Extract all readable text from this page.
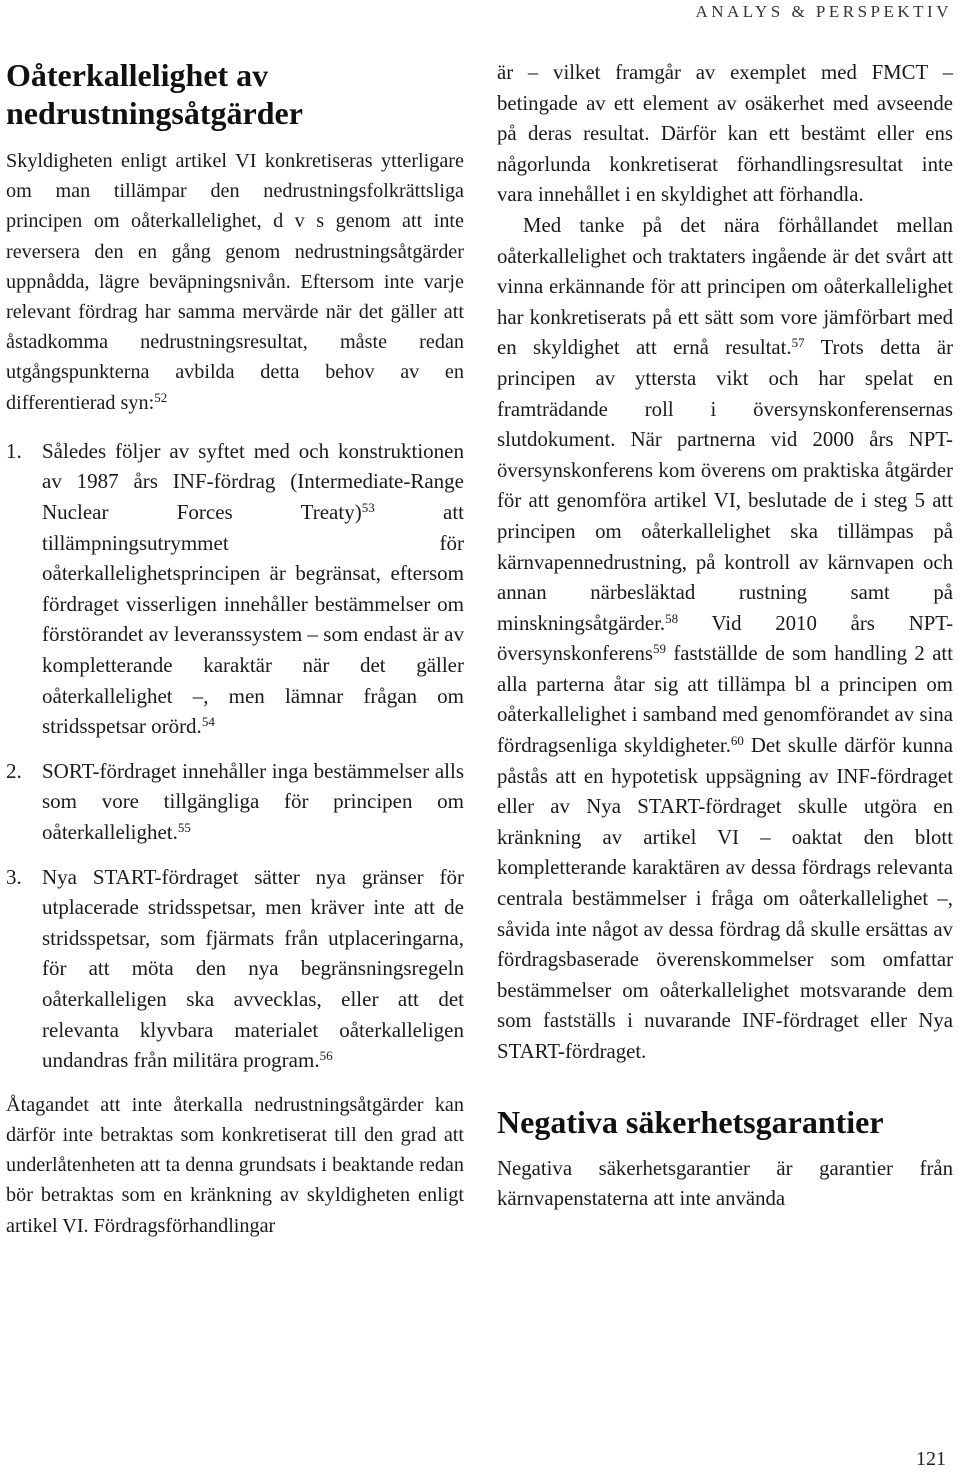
ANALYS & PERSPEKTIV
Oåterkallelighet av nedrustningsåtgärder

Skyldigheten enligt artikel VI konkretiseras ytterligare om man tillämpar den nedrustningsfolkrättsliga principen om oåterkallelighet, d v s genom att inte reversera den en gång genom nedrustningsåtgärder uppnådda, lägre beväpningsnivån. Eftersom inte varje relevant fördrag har samma mervärde när det gäller att åstadkomma nedrustningsresultat, måste redan utgångspunkterna avbilda detta behov av en differentierad syn:$^{52}$

1. Således följer av syftet med och konstruktionen av 1987 års INF-fördrag (Intermediate-Range Nuclear Forces Treaty)$^{53}$ att tillämpningsutrymmet för oåterkallelighetsprincipen är begränsat, eftersom fördraget visserligen innehåller bestämmelser om förstörandet av leveranssystem – som endast är av kompletterande karaktär när det gäller oåterkallelighet –, men lämnar frågan om stridsspetsar orörd.$^{54}$

2. SORT-fördraget innehåller inga bestämmelser alls som vore tillgängliga för principen om oåterkallelighet.$^{55}$

3. Nya START-fördraget sätter nya gränser för utplacerade stridsspetsar, men kräver inte att de stridsspetsar, som fjärmats från utplaceringarna, för att möta den nya begränsningsregeln oåterkalleligen ska avvecklas, eller att det relevanta klyvbara materialet oåterkalleligen undandras från militära program.$^{56}$

Åtagandet att inte återkalla nedrustningsåtgärder kan därför inte betraktas som konkretiserat till den grad att underlåtenheten att ta denna grundsats i beaktande redan bör betraktas som en kränkning av skyldigheten enligt artikel VI. Fördragsförhandlingar

är – vilket framgår av exemplet med FMCT – betingade av ett element av osäkerhet med avseende på deras resultat. Därför kan ett bestämt eller ens någorlunda konkretiserat förhandlingsresultat inte vara innehållet i en skyldighet att förhandla.

Med tanke på det nära förhållandet mellan oåterkallelighet och traktaters ingående är det svårt att vinna erkännande för att principen om oåterkallelighet har konkretiserats på ett sätt som vore jämförbart med en skyldighet att ernå resultat.$^{57}$ Trots detta är principen av yttersta vikt och har spelat en framträdande roll i översynskonferensernas slutdokument. När partnerna vid 2000 års NPT-översynskonferens kom överens om praktiska åtgärder för att genomföra artikel VI, beslutade de i steg 5 att principen om oåterkallelighet ska tillämpas på kärnvapennedrustning, på kontroll av kärnvapen och annan närbesläktad rustning samt på minskningsåtgärder.$^{58}$ Vid 2010 års NPT-översynskonferens$^{59}$ fastställde de som handling 2 att alla parterna åtar sig att tillämpa bl a principen om oåterkallelighet i samband med genomförandet av sina fördragsenliga skyldigheter.$^{60}$ Det skulle därför kunna påstås att en hypotetisk uppsägning av INF-fördraget eller av Nya START-fördraget skulle utgöra en kränkning av artikel VI – oaktat den blott kompletterande karaktären av dessa fördrags relevanta centrala bestämmelser i fråga om oåterkallelighet –, såvida inte något av dessa fördrag då skulle ersättas av fördragsbaserade överenskommelser som omfattar bestämmelser om oåterkallelighet motsvarande dem som fastställs i nuvarande INF-fördraget eller Nya START-fördraget.

Negativa säkerhetsgarantier

Negativa säkerhetsgarantier är garantier från kärnvapenstaterna att inte använda

121
